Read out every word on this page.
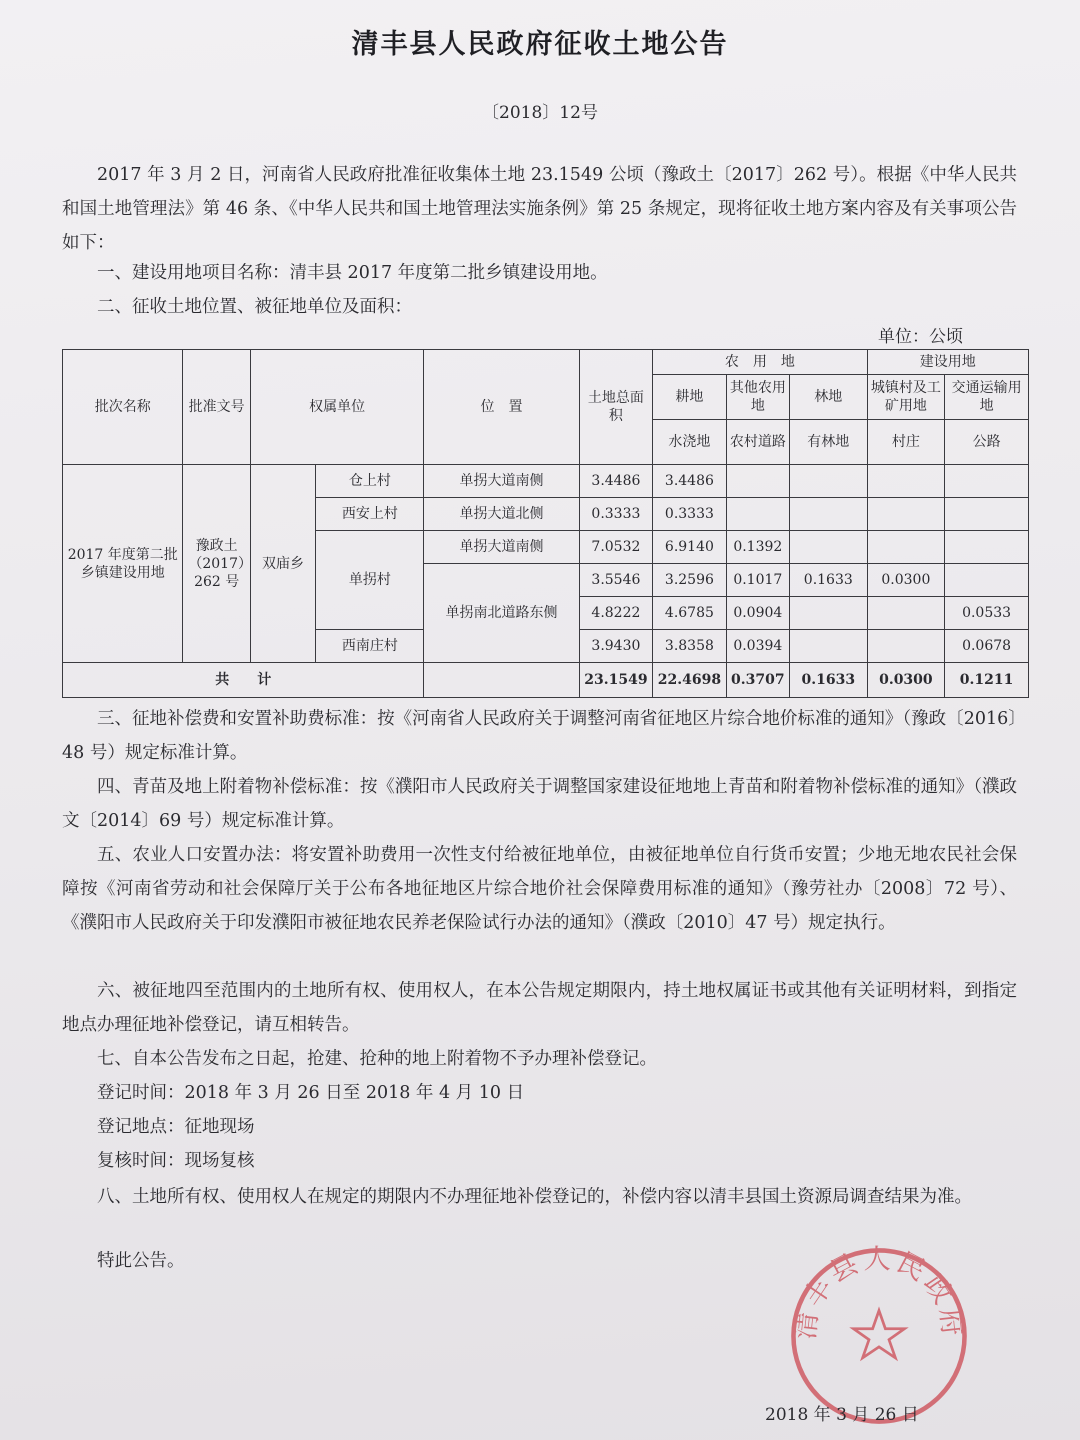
清丰县人民政府征收土地公告
〔2018〕12号

2017 年 3 月 2 日，河南省人民政府批准征收集体土地 23.1549 公顷（豫政土〔2017〕262 号）。根据《中华人民共和国土地管理法》第 46 条、《中华人民共和国土地管理法实施条例》第 25 条规定，现将征收土地方案内容及有关事项公告如下：

一、建设用地项目名称：清丰县 2017 年度第二批乡镇建设用地。

二、征收土地位置、被征地单位及面积：

单位：公顷
批次名称	批准文号	权属单位		位　置	土地总面积	农　用　地			建设用地	
						耕地	其他农用地	林地	城镇村及工矿用地	交通运输用　地
						水浇地	农村道路	有林地	村庄	公路
2017 年度第二批乡镇建设用地	豫政土（2017）262 号	双庙乡	仓上村	单拐大道南侧	3.4486	3.4486				
			西安上村	单拐大道北侧	0.3333	0.3333				
			单拐村	单拐大道南侧	7.0532	6.9140	0.1392			
				单拐南北道路东侧	3.5546	3.2596	0.1017	0.1633	0.0300	
					4.8222	4.6785	0.0904			0.0533
			西南庄村		3.9430	3.8358	0.0394			0.0678
共　　计					23.1549	22.4698	0.3707	0.1633	0.0300	0.1211

三、征地补偿费和安置补助费标准：按《河南省人民政府关于调整河南省征地区片综合地价标准的通知》（豫政〔2016〕48 号）规定标准计算。

四、青苗及地上附着物补偿标准：按《濮阳市人民政府关于调整国家建设征地地上青苗和附着物补偿标准的通知》（濮政文〔2014〕69 号）规定标准计算。

五、农业人口安置办法：将安置补助费用一次性支付给被征地单位，由被征地单位自行货币安置；少地无地农民社会保障按《河南省劳动和社会保障厅关于公布各地征地区片综合地价社会保障费用标准的通知》（豫劳社办〔2008〕72 号）、《濮阳市人民政府关于印发濮阳市被征地农民养老保险试行办法的通知》（濮政〔2010〕47 号）规定执行。

六、被征地四至范围内的土地所有权、使用权人，在本公告规定期限内，持土地权属证书或其他有关证明材料，到指定地点办理征地补偿登记，请互相转告。

七、自本公告发布之日起，抢建、抢种的地上附着物不予办理补偿登记。

登记时间：2018 年 3 月 26 日至 2018 年 4 月 10 日

登记地点：征地现场

复核时间：现场复核

八、土地所有权、使用权人在规定的期限内不办理征地补偿登记的，补偿内容以清丰县国土资源局调查结果为准。

特此公告。

清丰县人民政府
2018 年 3 月 26 日
